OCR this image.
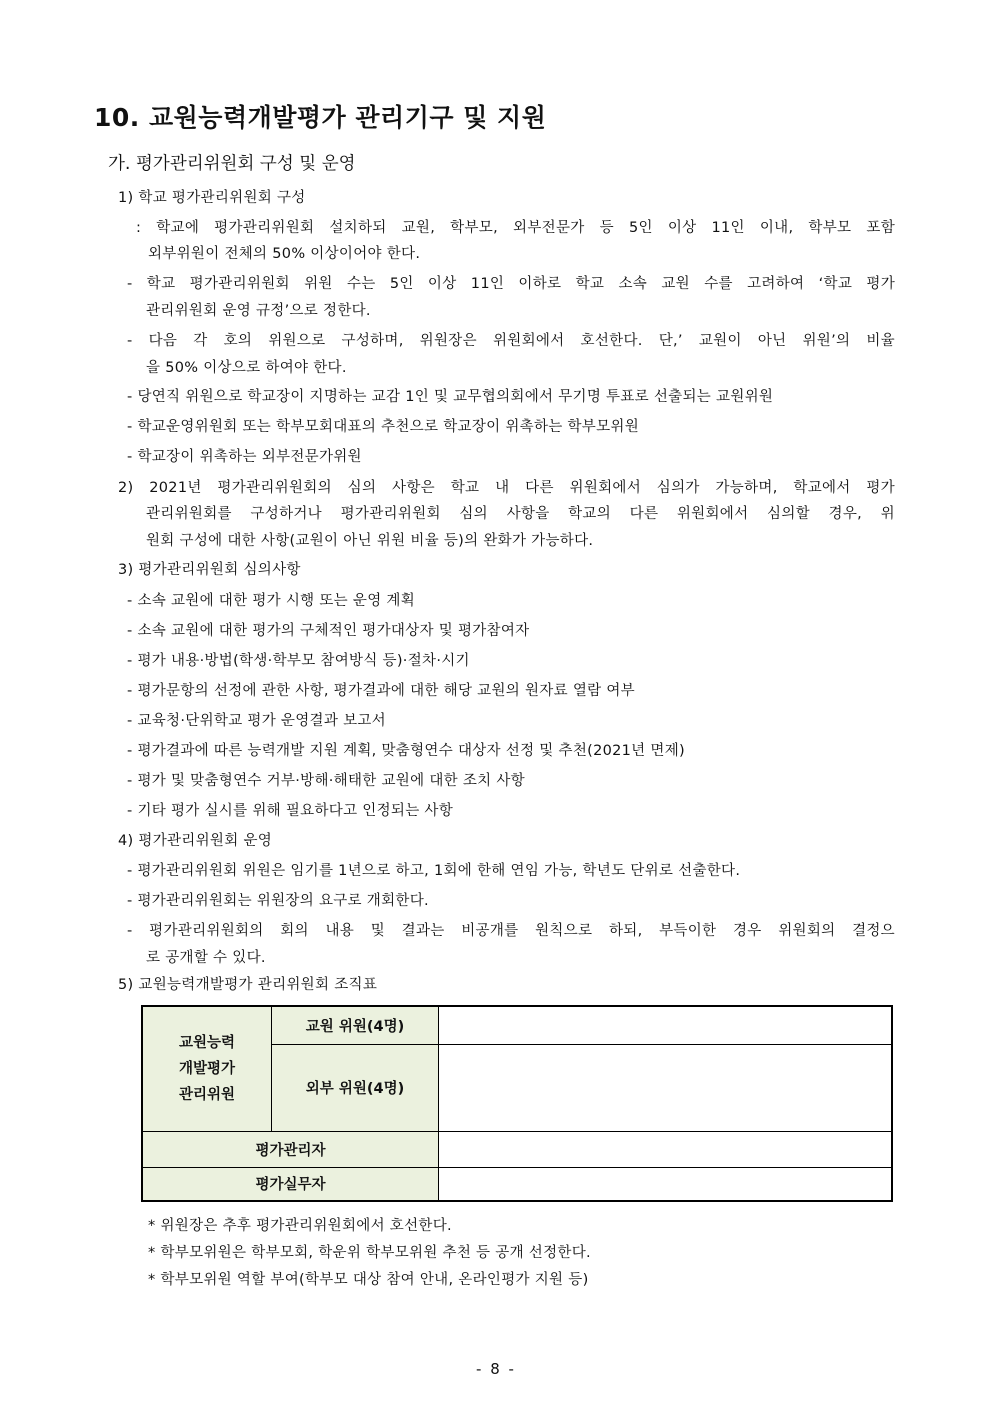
10. 교원능력개발평가 관리기구 및 지원
가. 평가관리위원회 구성 및 운영
1) 학교 평가관리위원회 구성
: 학교에 평가관리위원회 설치하되 교원, 학부모, 외부전문가 등 5인 이상 11인 이내, 학부모 포함
외부위원이 전체의 50% 이상이어야 한다.
- 학교 평가관리위원회 위원 수는 5인 이상 11인 이하로 학교 소속 교원 수를 고려하여 ‘학교 평가
관리위원회 운영 규정’으로 정한다.
- 다음 각 호의 위원으로 구성하며, 위원장은 위원회에서 호선한다. 단,’ 교원이 아닌 위원’의 비율
을 50% 이상으로 하여야 한다.
- 당연직 위원으로 학교장이 지명하는 교감 1인 및 교무협의회에서 무기명 투표로 선출되는 교원위원
- 학교운영위원회 또는 학부모회대표의 추천으로 학교장이 위촉하는 학부모위원
- 학교장이 위촉하는 외부전문가위원
2) 2021년 평가관리위원회의 심의 사항은 학교 내 다른 위원회에서 심의가 가능하며, 학교에서 평가
관리위원회를 구성하거나 평가관리위원회 심의 사항을 학교의 다른 위원회에서 심의할 경우, 위
원회 구성에 대한 사항(교원이 아닌 위원 비율 등)의 완화가 가능하다.
3) 평가관리위원회 심의사항
- 소속 교원에 대한 평가 시행 또는 운영 계획
- 소속 교원에 대한 평가의 구체적인 평가대상자 및 평가참여자
- 평가 내용·방법(학생·학부모 참여방식 등)·절차·시기
- 평가문항의 선정에 관한 사항, 평가결과에 대한 해당 교원의 원자료 열람 여부
- 교육청·단위학교 평가 운영결과 보고서
- 평가결과에 따른 능력개발 지원 계획, 맞춤형연수 대상자 선정 및 추천(2021년 면제)
- 평가 및 맞춤형연수 거부·방해·해태한 교원에 대한 조치 사항
- 기타 평가 실시를 위해 필요하다고 인정되는 사항
4) 평가관리위원회 운영
- 평가관리위원회 위원은 임기를 1년으로 하고, 1회에 한해 연임 가능, 학년도 단위로 선출한다.
- 평가관리위원회는 위원장의 요구로 개회한다.
- 평가관리위원회의 회의 내용 및 결과는 비공개를 원칙으로 하되, 부득이한 경우 위원회의 결정으
로 공개할 수 있다.
5) 교원능력개발평가 관리위원회 조직표
교원능력
개발평가
관리위원	교원 위원(4명)	
	외부 위원(4명)	
평가관리자		
평가실무자		
* 위원장은 추후 평가관리위원회에서 호선한다.
* 학부모위원은 학부모회, 학운위 학부모위원 추천 등 공개 선정한다.
* 학부모위원 역할 부여(학부모 대상 참여 안내, 온라인평가 지원 등)
- 8 -
